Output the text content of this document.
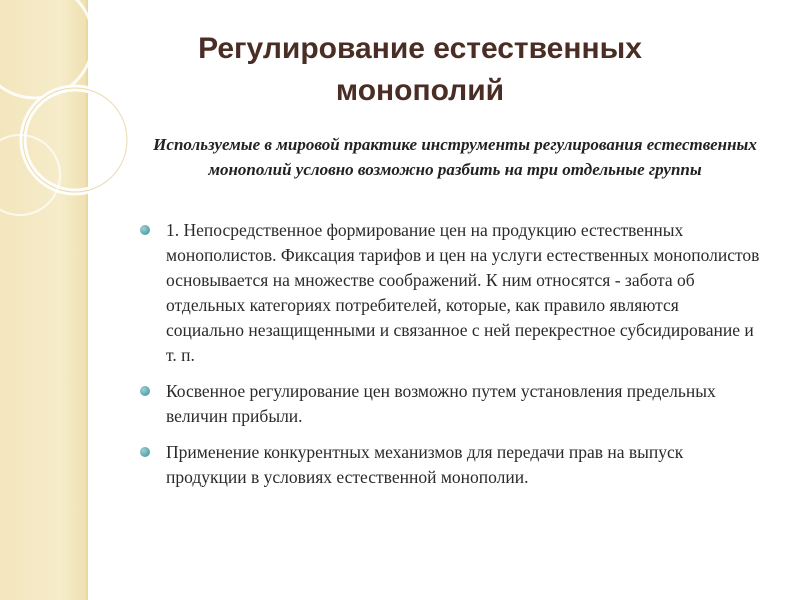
Регулирование естественных
монополий

Используемые в мировой практике инструменты регулирования естественных монополий условно возможно разбить на три отдельные группы

1. Непосредственное формирование цен на продукцию естественных монополистов. Фиксация тарифов и цен на услуги естественных монополистов основывается на множестве соображений. К ним относятся - забота об отдельных категориях потребителей, которые, как правило являются социально незащищенными и связанное с ней перекрестное субсидирование и т. п.
Косвенное регулирование цен возможно путем установления предельных величин прибыли.
Применение конкурентных механизмов для передачи прав на выпуск продукции в условиях естественной монополии.
